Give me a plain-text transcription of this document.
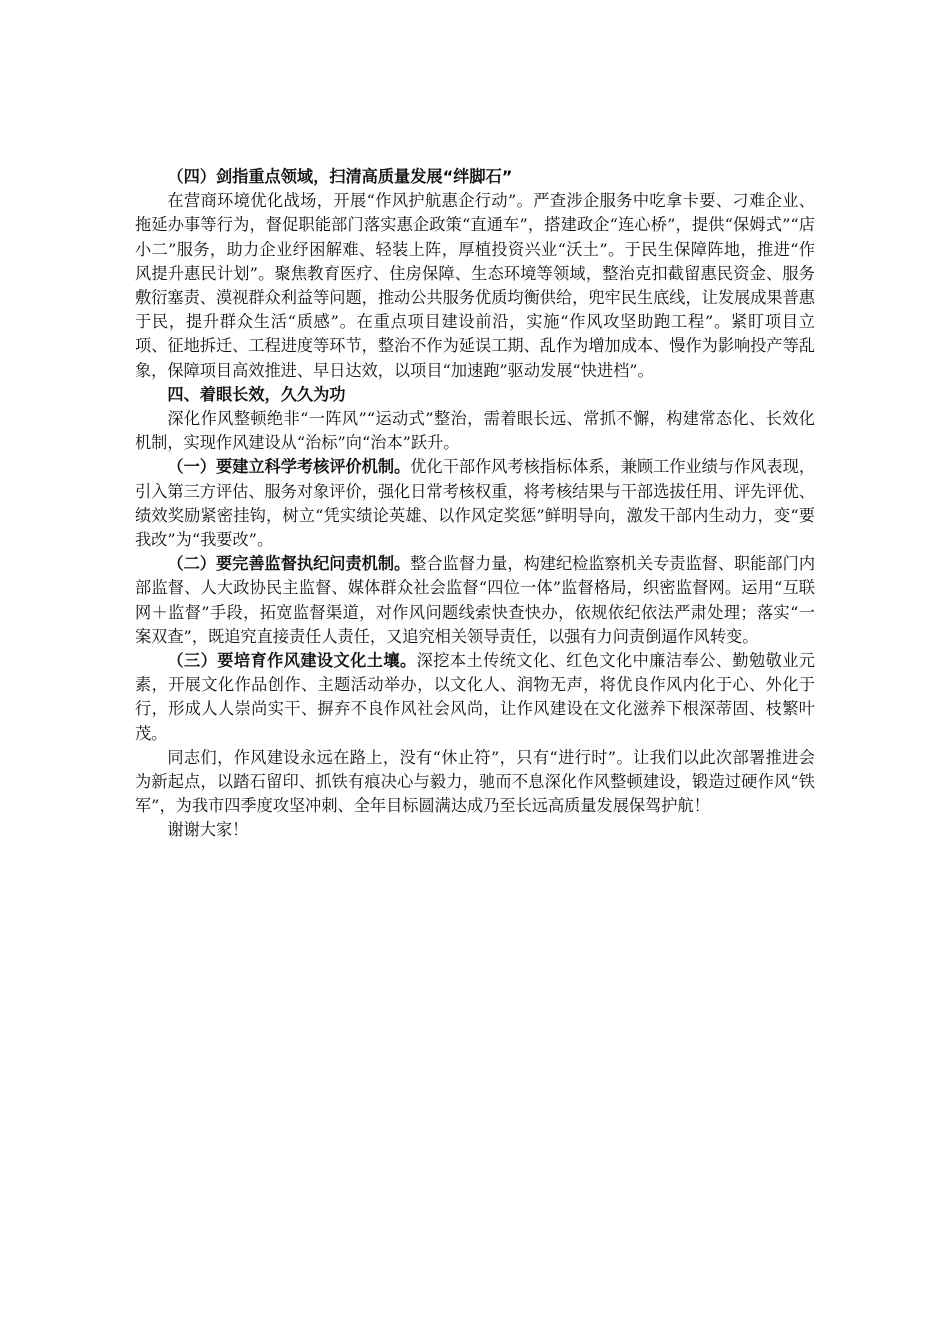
（四）剑指重点领域，扫清高质量发展“绊脚石”

在营商环境优化战场，开展“作风护航惠企行动”。严查涉企服务中吃拿卡要、刁难企业、拖延办事等行为，督促职能部门落实惠企政策“直通车”，搭建政企“连心桥”，提供“保姆式”“店小二”服务，助力企业纾困解难、轻装上阵，厚植投资兴业“沃土”。于民生保障阵地，推进“作风提升惠民计划”。聚焦教育医疗、住房保障、生态环境等领域，整治克扣截留惠民资金、服务敷衍塞责、漠视群众利益等问题，推动公共服务优质均衡供给，兜牢民生底线，让发展成果普惠于民，提升群众生活“质感”。在重点项目建设前沿，实施“作风攻坚助跑工程”。紧盯项目立项、征地拆迁、工程进度等环节，整治不作为延误工期、乱作为增加成本、慢作为影响投产等乱象，保障项目高效推进、早日达效，以项目“加速跑”驱动发展“快进档”。

四、着眼长效，久久为功

深化作风整顿绝非“一阵风”“运动式”整治，需着眼长远、常抓不懈，构建常态化、长效化机制，实现作风建设从“治标”向“治本”跃升。

（一）要建立科学考核评价机制。优化干部作风考核指标体系，兼顾工作业绩与作风表现，引入第三方评估、服务对象评价，强化日常考核权重，将考核结果与干部选拔任用、评先评优、绩效奖励紧密挂钩，树立“凭实绩论英雄、以作风定奖惩”鲜明导向，激发干部内生动力，变“要我改”为“我要改”。

（二）要完善监督执纪问责机制。整合监督力量，构建纪检监察机关专责监督、职能部门内部监督、人大政协民主监督、媒体群众社会监督“四位一体”监督格局，织密监督网。运用“互联网＋监督”手段，拓宽监督渠道，对作风问题线索快查快办，依规依纪依法严肃处理；落实“一案双查”，既追究直接责任人责任，又追究相关领导责任，以强有力问责倒逼作风转变。

（三）要培育作风建设文化土壤。深挖本土传统文化、红色文化中廉洁奉公、勤勉敬业元素，开展文化作品创作、主题活动举办，以文化人、润物无声，将优良作风内化于心、外化于行，形成人人崇尚实干、摒弃不良作风社会风尚，让作风建设在文化滋养下根深蒂固、枝繁叶茂。

同志们，作风建设永远在路上，没有“休止符”，只有“进行时”。让我们以此次部署推进会为新起点，以踏石留印、抓铁有痕决心与毅力，驰而不息深化作风整顿建设，锻造过硬作风“铁军”，为我市四季度攻坚冲刺、全年目标圆满达成乃至长远高质量发展保驾护航！

谢谢大家！
